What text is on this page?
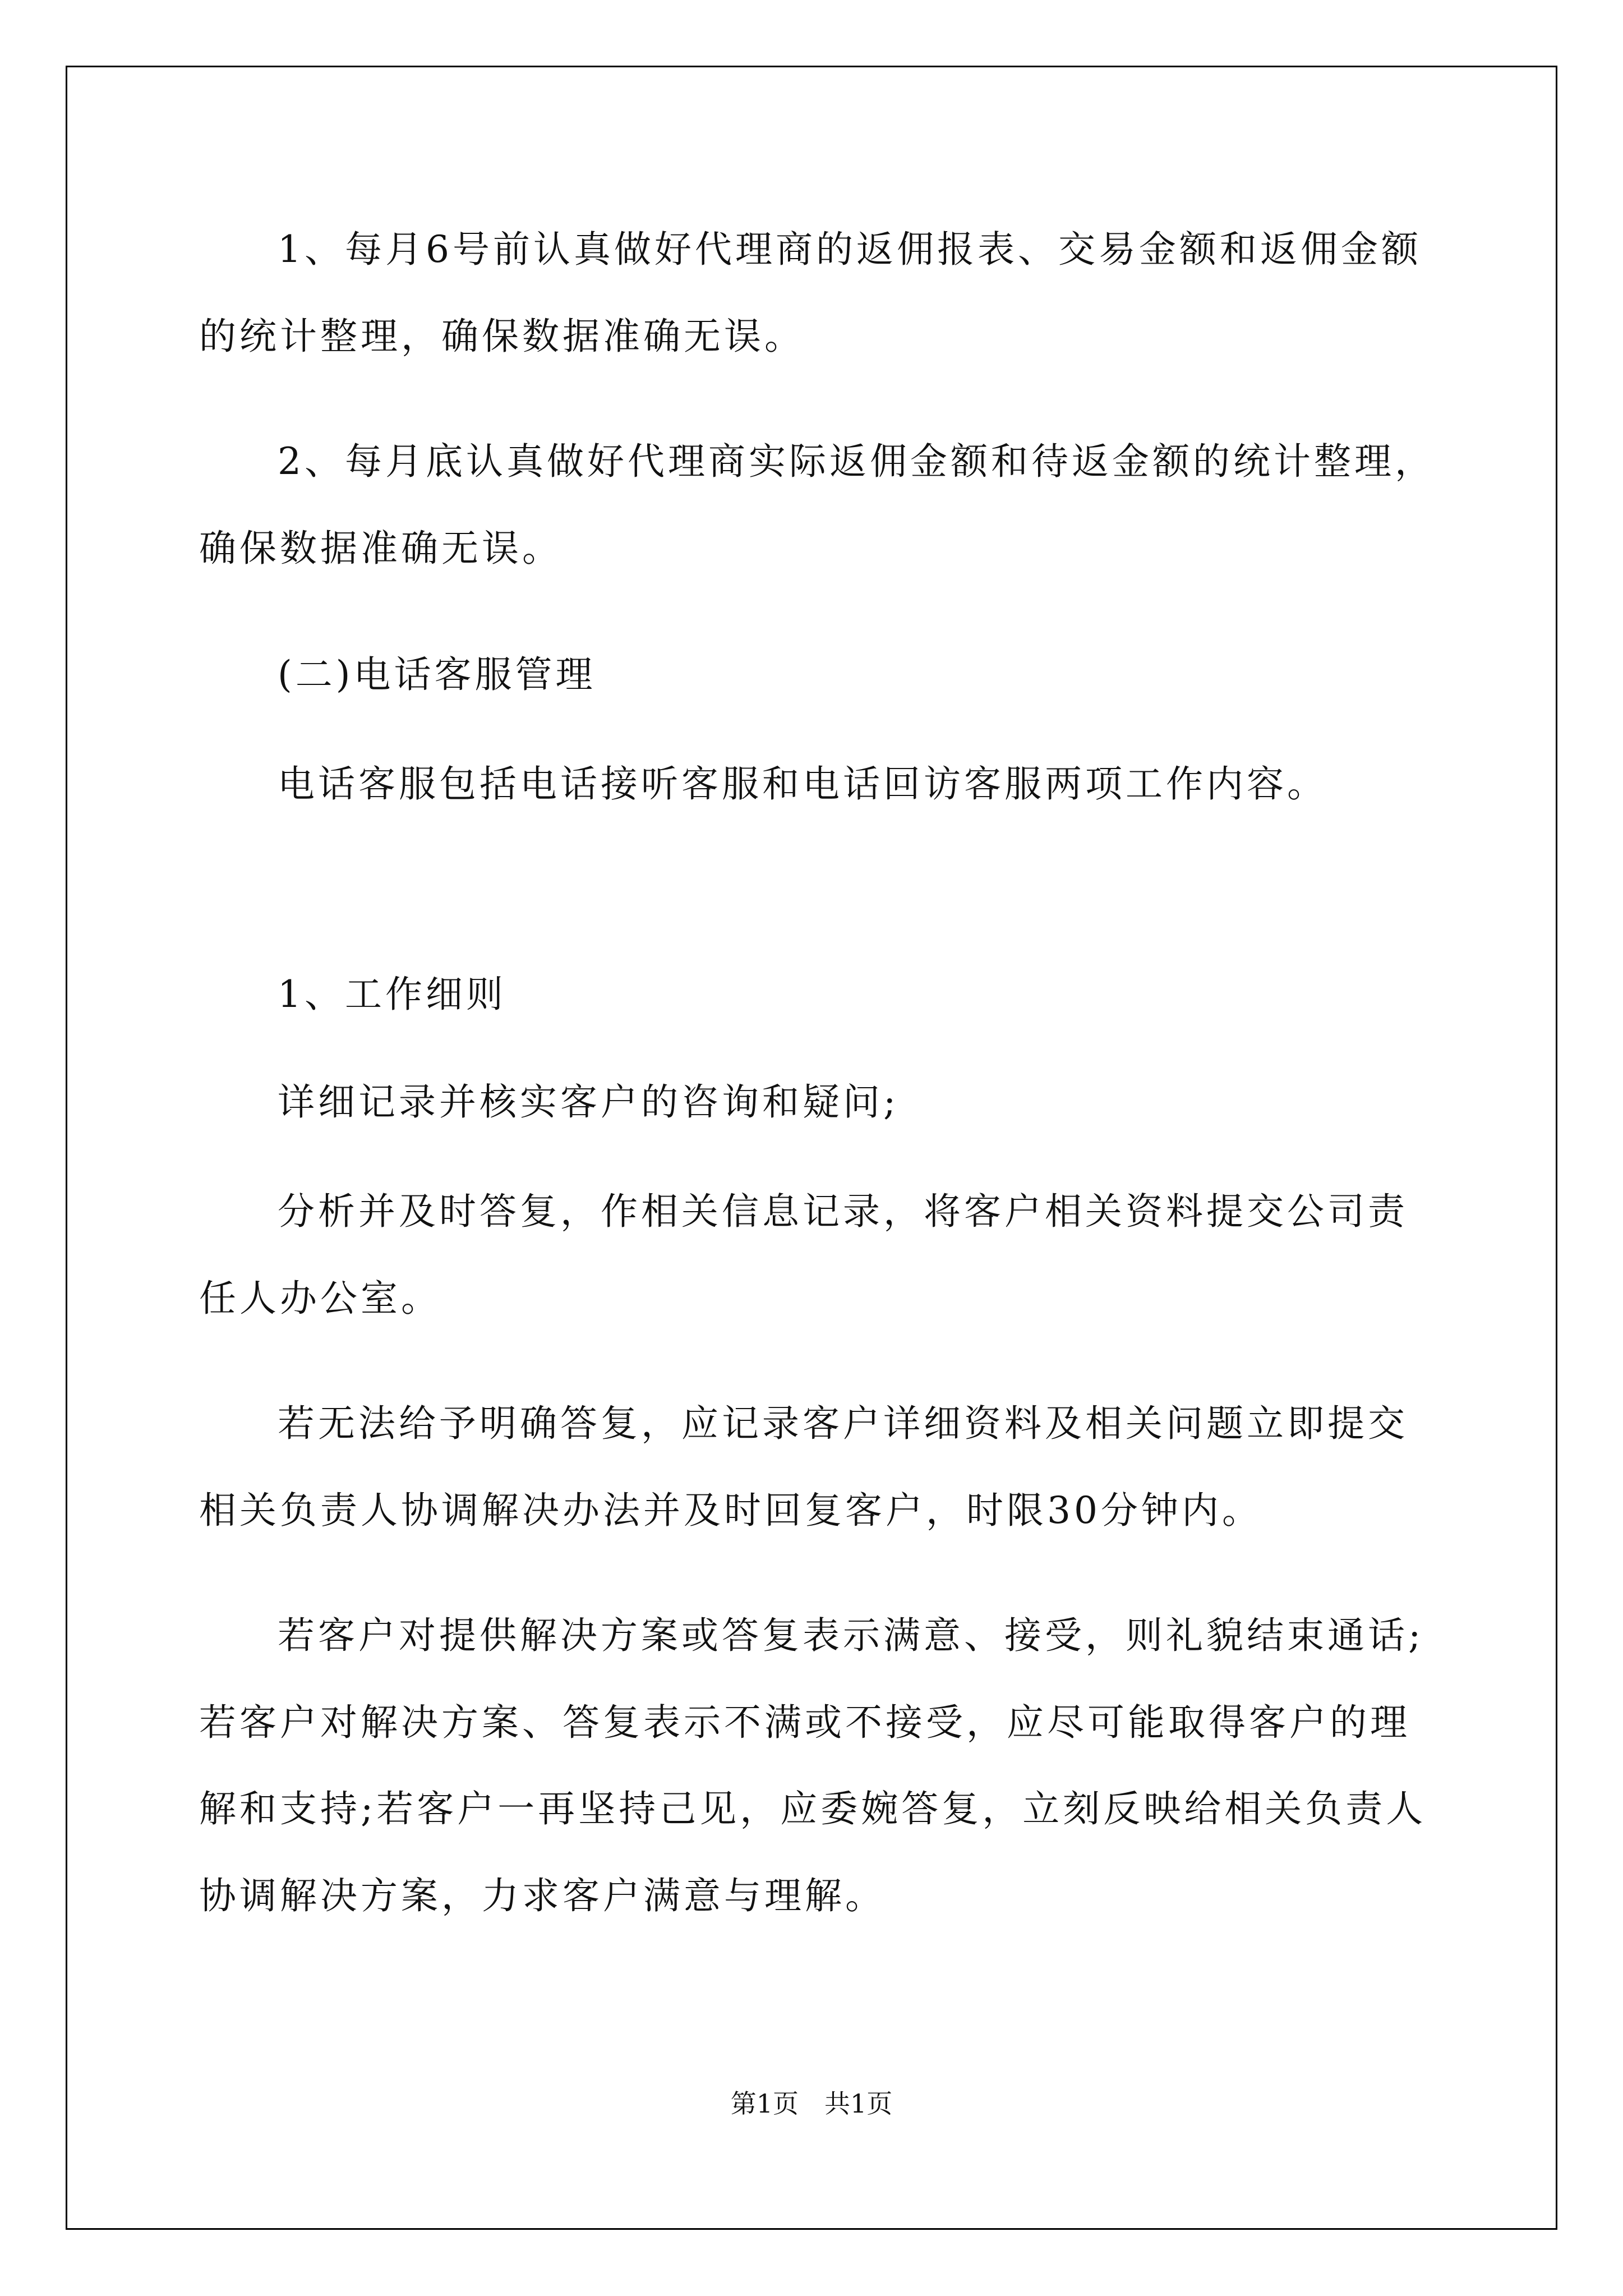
1、每月6号前认真做好代理商的返佣报表、交易金额和返佣金额
的统计整理，确保数据准确无误。
2、每月底认真做好代理商实际返佣金额和待返金额的统计整理，
确保数据准确无误。
(二)电话客服管理
电话客服包括电话接听客服和电话回访客服两项工作内容。
1、工作细则
详细记录并核实客户的咨询和疑问;
分析并及时答复，作相关信息记录，将客户相关资料提交公司责
任人办公室。
若无法给予明确答复，应记录客户详细资料及相关问题立即提交
相关负责人协调解决办法并及时回复客户，时限30分钟内。
若客户对提供解决方案或答复表示满意、接受，则礼貌结束通话;
若客户对解决方案、答复表示不满或不接受，应尽可能取得客户的理
解和支持;若客户一再坚持己见，应委婉答复，立刻反映给相关负责人
协调解决方案，力求客户满意与理解。
第1页　共1页
